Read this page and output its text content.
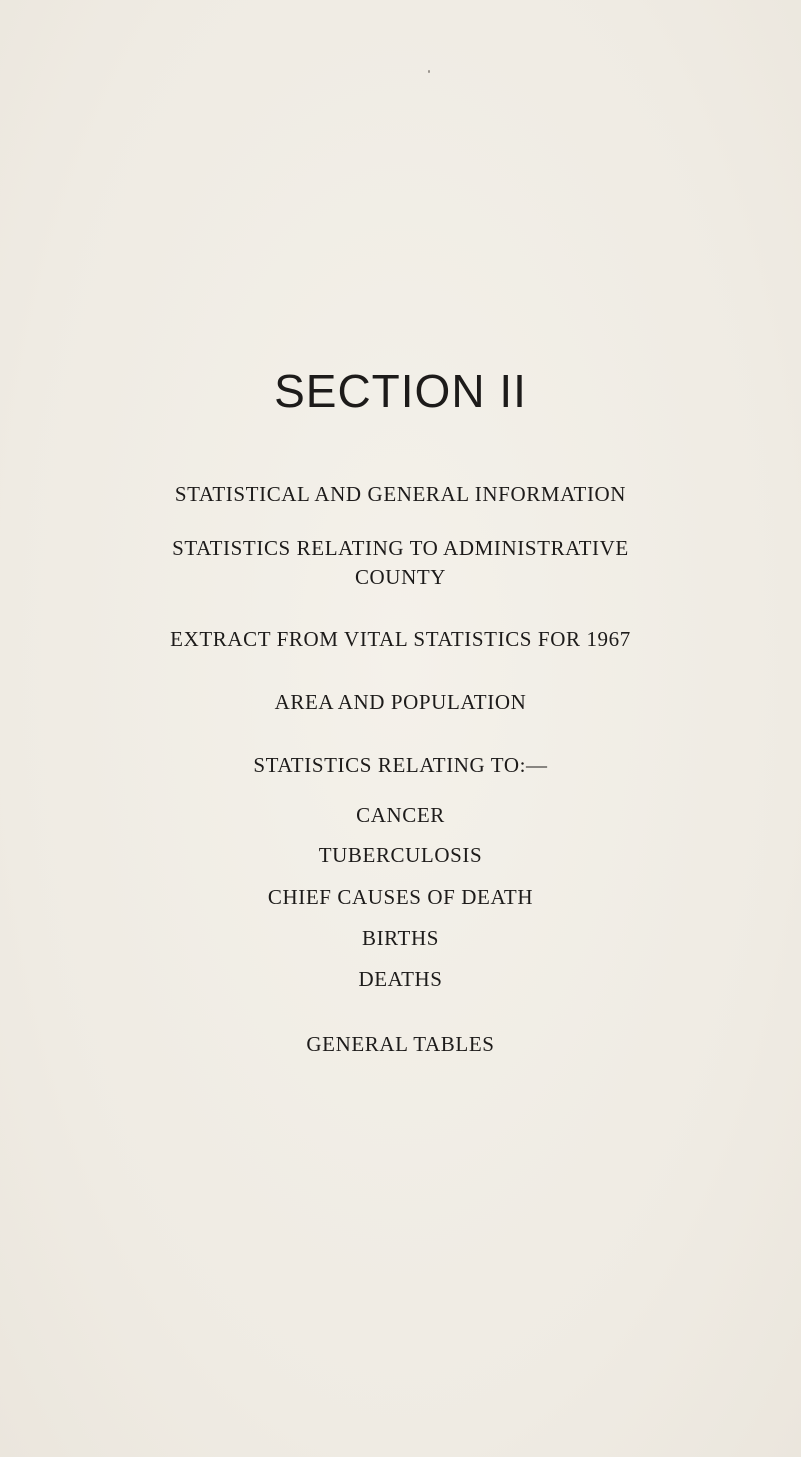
SECTION II
STATISTICAL AND GENERAL INFORMATION
STATISTICS RELATING TO ADMINISTRATIVE
COUNTY
EXTRACT FROM VITAL STATISTICS FOR 1967
AREA AND POPULATION
STATISTICS RELATING TO:—
CANCER
TUBERCULOSIS
CHIEF CAUSES OF DEATH
BIRTHS
DEATHS
GENERAL TABLES
